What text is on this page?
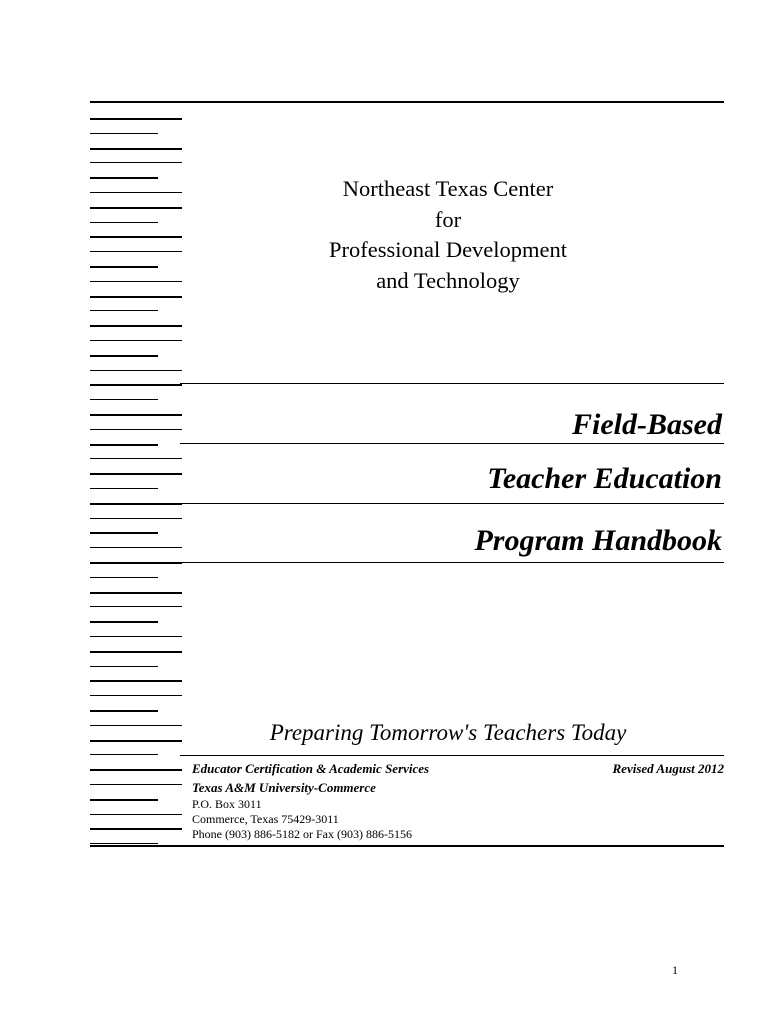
Northeast Texas Center
for
Professional Development
and Technology
Field-Based
Teacher Education
Program Handbook
Preparing Tomorrow's Teachers Today
Educator Certification & Academic Services
Texas A&M University-Commerce
P.O. Box 3011
Commerce, Texas 75429-3011
Phone (903) 886-5182 or Fax (903) 886-5156
Revised August 2012
1
